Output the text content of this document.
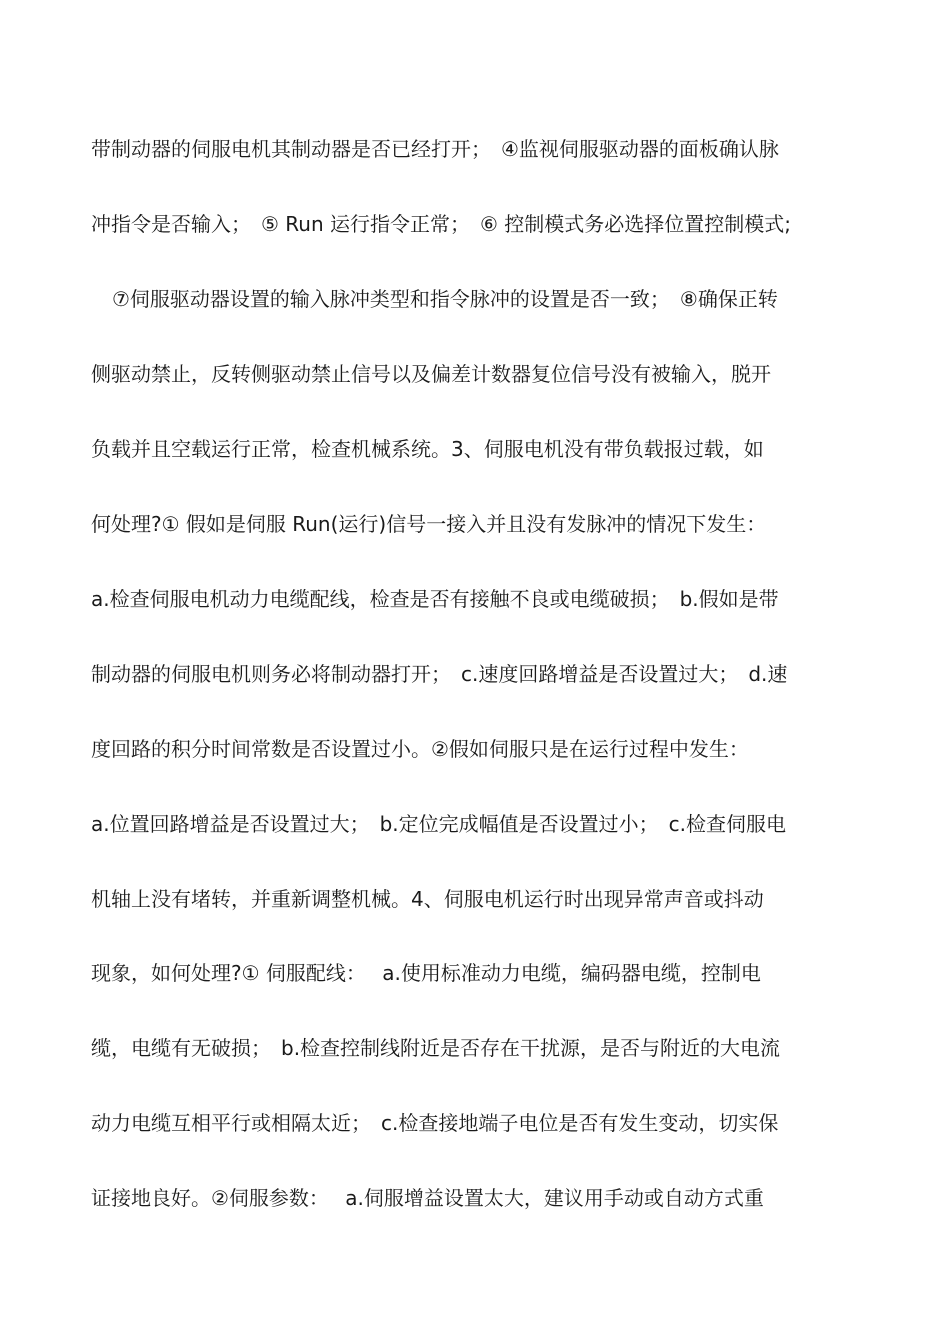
带制动器的伺服电机其制动器是否已经打开；　④监视伺服驱动器的面板确认脉
冲指令是否输入；　⑤ Run 运行指令正常；　⑥ 控制模式务必选择位置控制模式;
⑦伺服驱动器设置的输入脉冲类型和指令脉冲的设置是否一致；　⑧确保正转
侧驱动禁止，反转侧驱动禁止信号以及偏差计数器复位信号没有被输入，脱开
负载并且空载运行正常，检查机械系统。3、伺服电机没有带负载报过载，如
何处理?① 假如是伺服 Run(运行)信号一接入并且没有发脉冲的情况下发生：
a.检查伺服电机动力电缆配线，检查是否有接触不良或电缆破损；　b.假如是带
制动器的伺服电机则务必将制动器打开；　c.速度回路增益是否设置过大；　d.速
度回路的积分时间常数是否设置过小。②假如伺服只是在运行过程中发生：
a.位置回路增益是否设置过大；　b.定位完成幅值是否设置过小；　c.检查伺服电
机轴上没有堵转，并重新调整机械。4、伺服电机运行时出现异常声音或抖动
现象，如何处理?① 伺服配线：　 a.使用标准动力电缆，编码器电缆，控制电
缆，电缆有无破损；　b.检查控制线附近是否存在干扰源，是否与附近的大电流
动力电缆互相平行或相隔太近；　c.检查接地端子电位是否有发生变动，切实保
证接地良好。②伺服参数：　 a.伺服增益设置太大，建议用手动或自动方式重
